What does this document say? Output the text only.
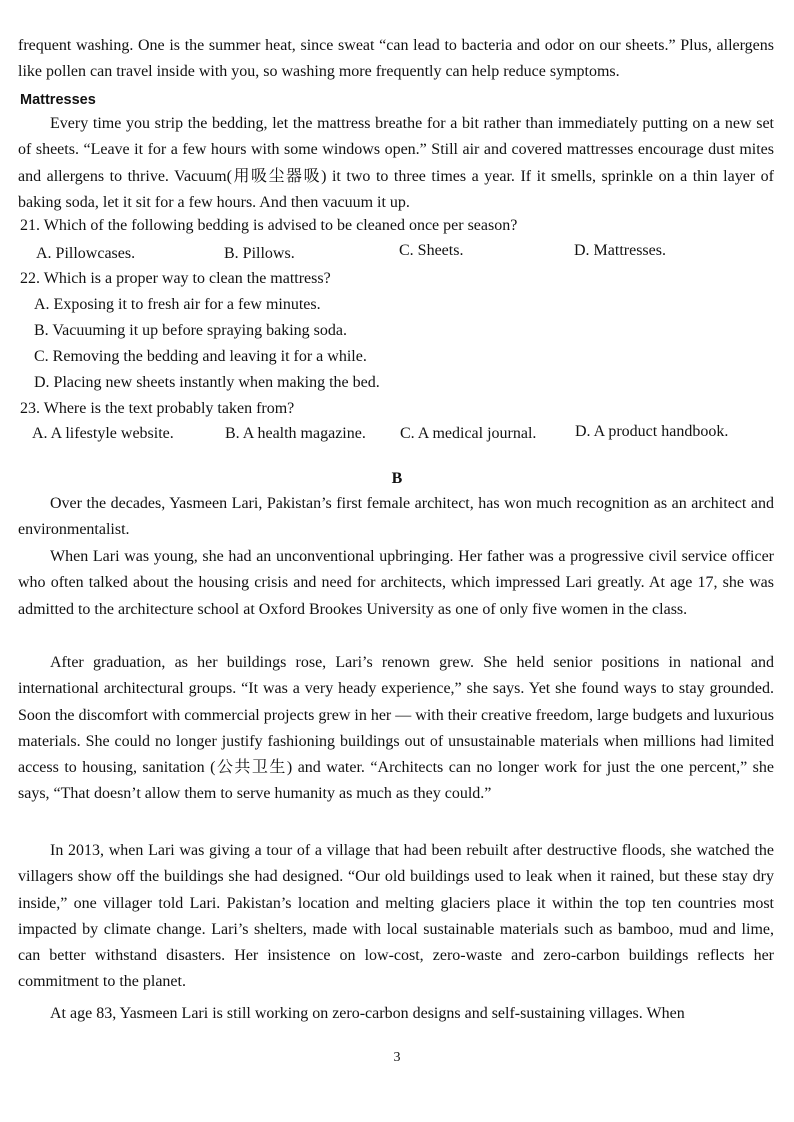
frequent washing. One is the summer heat, since sweat “can lead to bacteria and odor on our sheets.” Plus, allergens like pollen can travel inside with you, so washing more frequently can help reduce symptoms.

Mattresses

Every time you strip the bedding, let the mattress breathe for a bit rather than immediately putting on a new set of sheets. “Leave it for a few hours with some windows open.” Still air and covered mattresses encourage dust mites and allergens to thrive. Vacuum(用吸尘器吸) it two to three times a year. If it smells, sprinkle on a thin layer of baking soda, let it sit for a few hours. And then vacuum it up.

21. Which of the following bedding is advised to be cleaned once per season?

A. Pillowcases.	B. Pillows.	C. Sheets.	D. Mattresses.

22. Which is a proper way to clean the mattress?

A. Exposing it to fresh air for a few minutes.

B. Vacuuming it up before spraying baking soda.

C. Removing the bedding and leaving it for a while.

D. Placing new sheets instantly when making the bed.

23. Where is the text probably taken from?

A. A lifestyle website.	B. A health magazine. C. A medical journal. D. A product handbook.

B

Over the decades, Yasmeen Lari, Pakistan’s first female architect, has won much recognition as an architect and environmentalist.

When Lari was young, she had an unconventional upbringing. Her father was a progressive civil service officer who often talked about the housing crisis and need for architects, which impressed Lari greatly. At age 17, she was admitted to the architecture school at Oxford Brookes University as one of only five women in the class.

After graduation, as her buildings rose, Lari’s renown grew. She held senior positions in national and international architectural groups. “It was a very heady experience,” she says. Yet she found ways to stay grounded. Soon the discomfort with commercial projects grew in her — with their creative freedom, large budgets and luxurious materials. She could no longer justify fashioning buildings out of unsustainable materials when millions had limited access to housing, sanitation (公共卫生) and water. “Architects can no longer work for just the one percent,” she says, “That doesn’t allow them to serve humanity as much as they could.”

In 2013, when Lari was giving a tour of a village that had been rebuilt after destructive floods, she watched the villagers show off the buildings she had designed. “Our old buildings used to leak when it rained, but these stay dry inside,” one villager told Lari. Pakistan’s location and melting glaciers place it within the top ten countries most impacted by climate change. Lari’s shelters, made with local sustainable materials such as bamboo, mud and lime, can better withstand disasters. Her insistence on low-cost, zero-waste and zero-carbon buildings reflects her commitment to the planet.

At age 83, Yasmeen Lari is still working on zero-carbon designs and self-sustaining villages. When

3
